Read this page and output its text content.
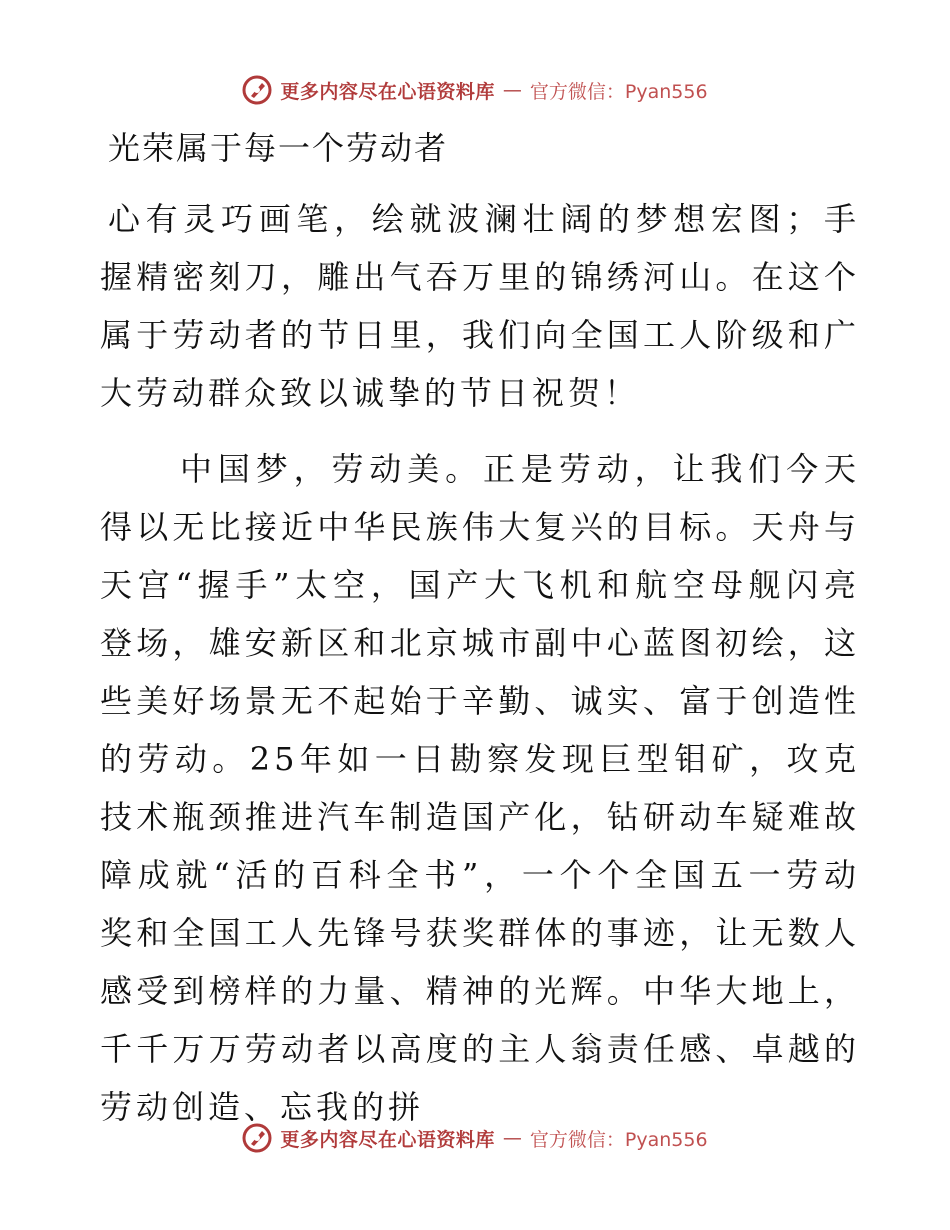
更多内容尽在心语资料库 — 官方微信：Pyan556
光荣属于每一个劳动者

心有灵巧画笔，绘就波澜壮阔的梦想宏图；手握精密刻刀，雕出气吞万里的锦绣河山。在这个属于劳动者的节日里，我们向全国工人阶级和广大劳动群众致以诚挚的节日祝贺！

中国梦，劳动美。正是劳动，让我们今天得以无比接近中华民族伟大复兴的目标。天舟与天宫“握手”太空，国产大飞机和航空母舰闪亮登场，雄安新区和北京城市副中心蓝图初绘，这些美好场景无不起始于辛勤、诚实、富于创造性的劳动。25年如一日勘察发现巨型钼矿，攻克技术瓶颈推进汽车制造国产化，钻研动车疑难故障成就“活的百科全书”，一个个全国五一劳动奖和全国工人先锋号获奖群体的事迹，让无数人感受到榜样的力量、精神的光辉。中华大地上，千千万万劳动者以高度的主人翁责任感、卓越的劳动创造、忘我的拼

更多内容尽在心语资料库 — 官方微信：Pyan556
